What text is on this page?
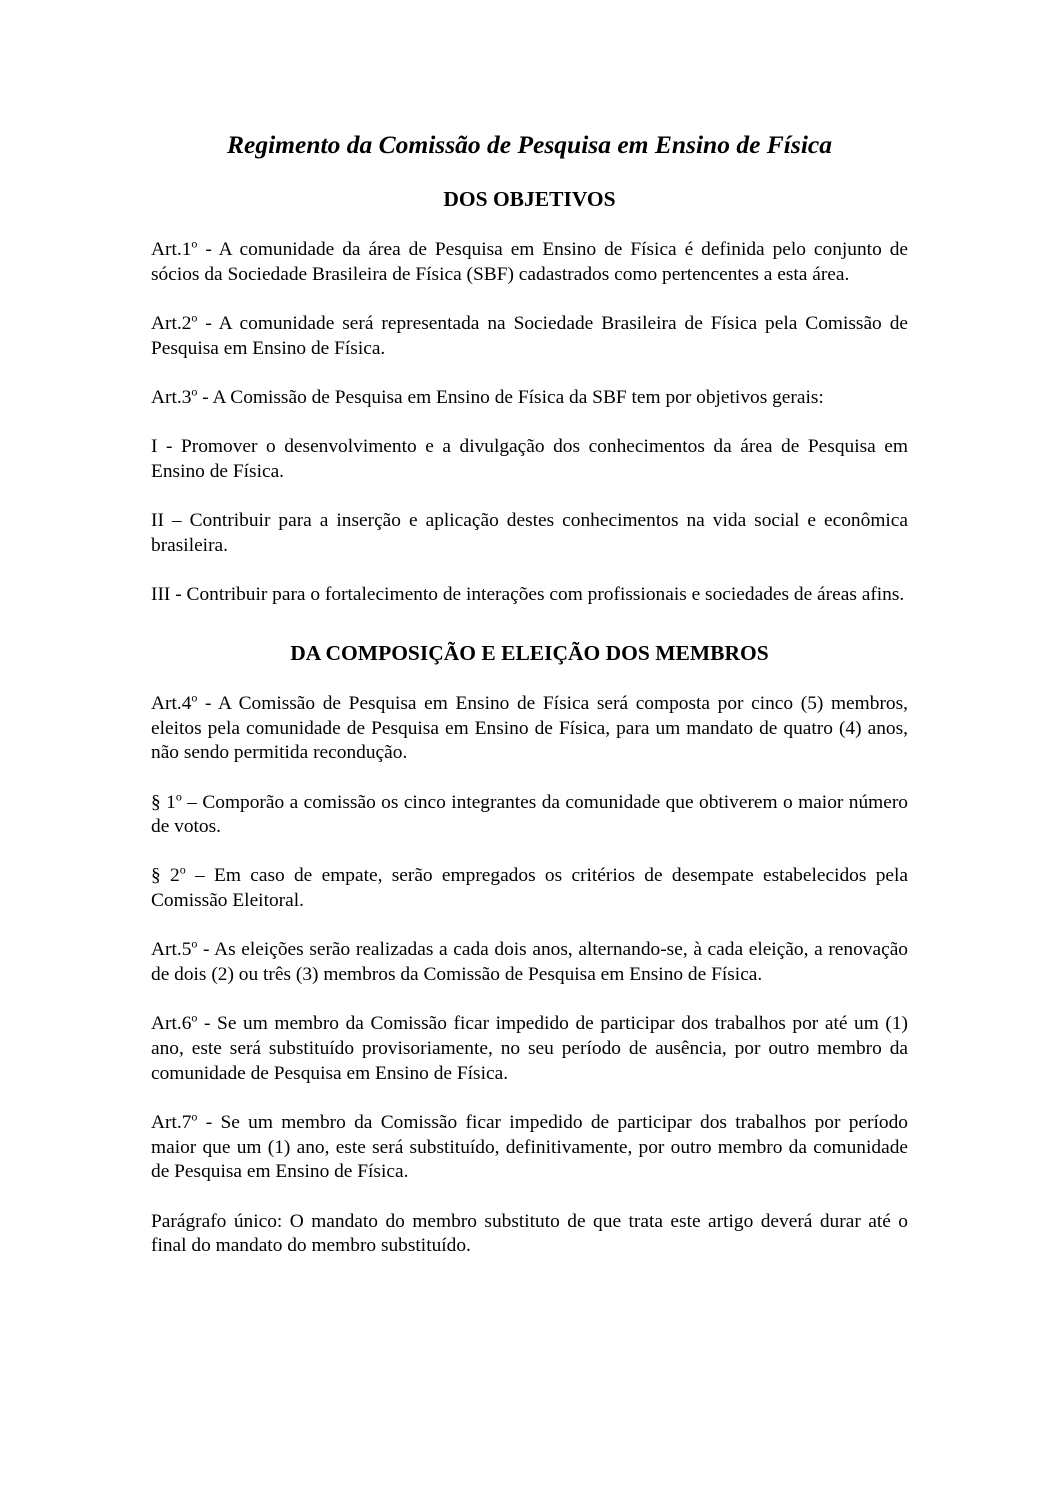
Regimento da Comissão de Pesquisa em Ensino de Física
DOS OBJETIVOS

Art.1$^o$ - A comunidade da área de Pesquisa em Ensino de Física é definida pelo conjunto de sócios da Sociedade Brasileira de Física (SBF) cadastrados como pertencentes a esta área.

Art.2$^o$ - A comunidade será representada na Sociedade Brasileira de Física pela Comissão de Pesquisa em Ensino de Física.

Art.3$^o$ - A Comissão de Pesquisa em Ensino de Física da SBF tem por objetivos gerais:

I - Promover o desenvolvimento e a divulgação dos conhecimentos da área de Pesquisa em Ensino de Física.

II – Contribuir para a inserção e aplicação destes conhecimentos na vida social e econômica brasileira.

III - Contribuir para o fortalecimento de interações com profissionais e sociedades de áreas afins.

DA COMPOSIÇÃO E ELEIÇÃO DOS MEMBROS

Art.4$^o$ - A Comissão de Pesquisa em Ensino de Física será composta por cinco (5) membros, eleitos pela comunidade de Pesquisa em Ensino de Física, para um mandato de quatro (4) anos, não sendo permitida recondução.

§ 1$^o$ – Comporão a comissão os cinco integrantes da comunidade que obtiverem o maior número de votos.

§ 2$^o$ – Em caso de empate, serão empregados os critérios de desempate estabelecidos pela Comissão Eleitoral.

Art.5$^o$ - As eleições serão realizadas a cada dois anos, alternando-se, à cada eleição, a renovação de dois (2) ou três (3) membros da Comissão de Pesquisa em Ensino de Física.

Art.6$^o$ - Se um membro da Comissão ficar impedido de participar dos trabalhos por até um (1) ano, este será substituído provisoriamente, no seu período de ausência, por outro membro da comunidade de Pesquisa em Ensino de Física.

Art.7$^o$ - Se um membro da Comissão ficar impedido de participar dos trabalhos por período maior que um (1) ano, este será substituído, definitivamente, por outro membro da comunidade de Pesquisa em Ensino de Física.

Parágrafo único: O mandato do membro substituto de que trata este artigo deverá durar até o final do mandato do membro substituído.
